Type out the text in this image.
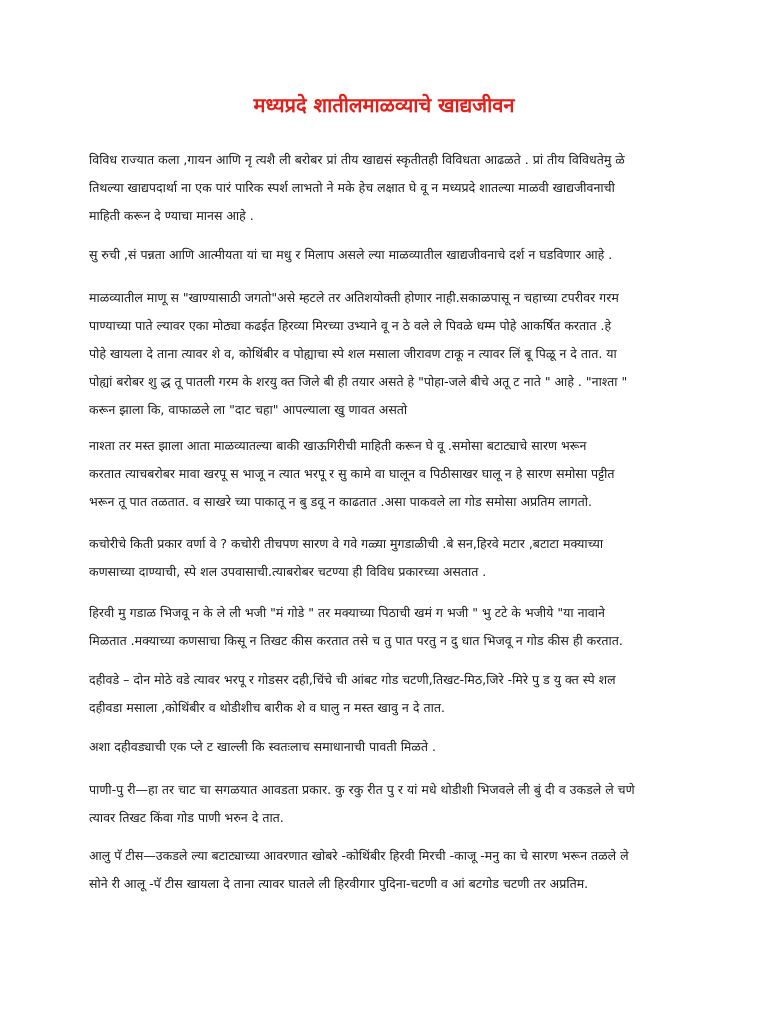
मध्यप्रदे शातीलमाळव्याचे खाद्यजीवन
विविध राज्यात कला ,गायन आणि नृ त्यशै ली बरोबर प्रां तीय खाद्यसं स्कृतीतही विविधता आढळते . प्रां तीय विविधतेमु ळे
तिथल्या खाद्यपदार्था ना एक पारं पारिक स्पर्श लाभतो ने मके हेच लक्षात घे वू न मध्यप्रदे शातल्या माळवी खाद्यजीवनाची
माहिती करून दे ण्याचा मानस आहे .
सु रुची ,सं पन्नता आणि आत्मीयता यां चा मधु र मिलाप असले ल्या माळव्यातील खाद्यजीवनाचे दर्श न घडविणार आहे .
माळव्यातील माणू स "खाण्यासाठी जगतो"असे म्हटले तर अतिशयोक्ती होणार नाही.सकाळपासू न चहाच्या टपरीवर गरम
पाण्याच्या पाते ल्यावर एका मोठ्या कढईत हिरव्या मिरच्या उभ्याने वू न ठे वले ले पिवळे धम्म पोहे आकर्षित करतात .हे
पोहे खायला दे ताना त्यावर शे व, कोथिंबीर व पोह्याचा स्पे शल मसाला जीरावण टाकू न त्यावर लिं बू पिळू न दे तात. या
पोह्यां बरोबर शु द्ध तू पातली गरम के शरयु क्त जिले बी ही तयार असते हे "पोहा-जले बीचे अतू ट नाते " आहे . "नाश्ता "
करून झाला कि, वाफाळले ला "दाट चहा" आपल्याला खु णावत असतो
नाश्ता तर मस्त झाला आता माळव्यातल्या बाकी खाऊगिरीची माहिती करून घे वू .समोसा बटाट्याचे सारण भरून
करतात त्याचबरोबर मावा खरपू स भाजू न त्यात भरपू र सु कामे वा घालून व पिठीसाखर घालू न हे सारण समोसा पट्टीत
भरून तू पात तळतात. व साखरे च्या पाकातू न बु डवू न काढतात .असा पाकवले ला गोड समोसा अप्रतिम लागतो.
कचोरीचे किती प्रकार वर्णा वे ? कचोरी तीचपण सारण वे गवे गळ्या मुगडाळीची .बे सन,हिरवे मटार ,बटाटा मक्याच्या
कणसाच्या दाण्याची, स्पे शल उपवासाची.त्याबरोबर चटण्या ही विविध प्रकारच्या असतात .
हिरवी मु गडाळ भिजवू न के ले ली भजी "मं गोडे " तर मक्याच्या पिठाची खमं ग भजी " भु टटे के भजीये "या नावाने
मिळतात .मक्याच्या कणसाचा किसू न तिखट कीस करतात तसे च तु पात परतु न दु धात भिजवू न गोड कीस ही करतात.
दहीवडे – दोन मोठे वडे त्यावर भरपू र गोडसर दही,चिंचे ची आंबट गोड चटणी,तिखट-मिठ,जिरे -मिरे पु ड यु क्त स्पे शल
दहीवडा मसाला ,कोथिंबीर व थोडीशीच बारीक शे व घालु न मस्त खावु न दे तात.
अशा दहीवड्याची एक प्ले ट खाल्ली कि स्वतःलाच समाधानाची पावती मिळते .
पाणी-पु री—हा तर चाट चा सगळयात आवडता प्रकार. कु रकु रीत पु र यां मधे थोडीशी भिजवले ली बुं दी व उकडले ले चणे
त्यावर तिखट किंवा गोड पाणी भरुन दे तात.
आलु पॅ टीस—उकडले ल्या बटाट्याच्या आवरणात खोबरे -कोथिंबीर हिरवी मिरची -काजू -मनु का चे सारण भरून तळले ले
सोने री आलू -पॅ टीस खायला दे ताना त्यावर घातले ली हिरवीगार पुदिना-चटणी व आं बटगोड चटणी तर अप्रतिम.
